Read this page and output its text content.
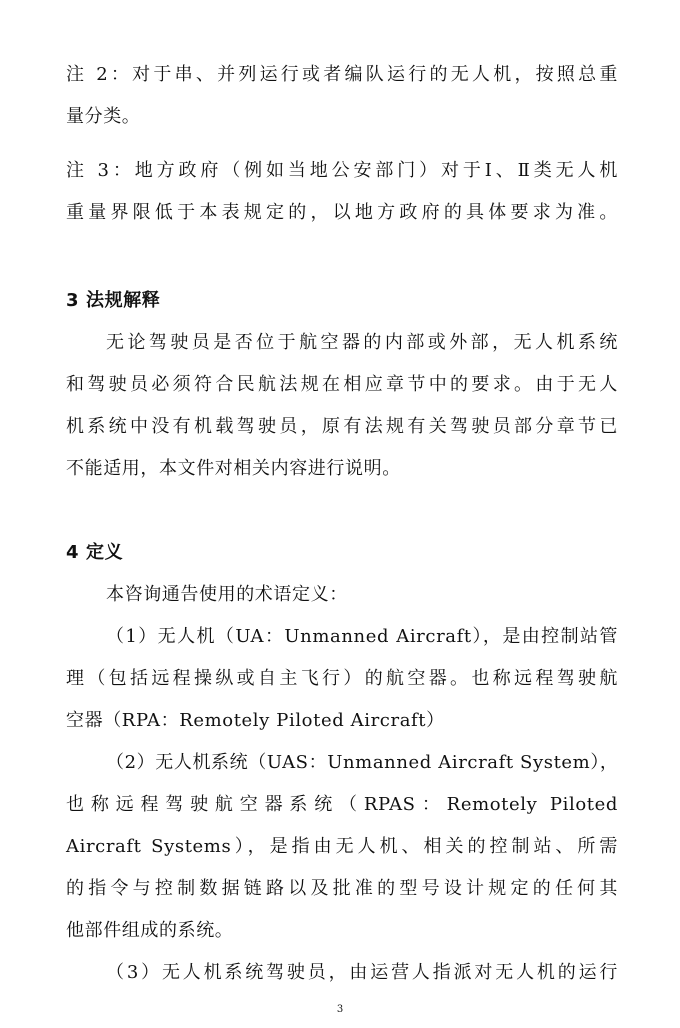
注 2：对于串、并列运行或者编队运行的无人机，按照总重
量分类。
注 3：地方政府（例如当地公安部门）对于Ⅰ、Ⅱ类无人机
重量界限低于本表规定的，以地方政府的具体要求为准。
3 法规解释
无论驾驶员是否位于航空器的内部或外部，无人机系统
和驾驶员必须符合民航法规在相应章节中的要求。由于无人
机系统中没有机载驾驶员，原有法规有关驾驶员部分章节已
不能适用，本文件对相关内容进行说明。
4 定义
本咨询通告使用的术语定义：
（1）无人机（UA：Unmanned Aircraft），是由控制站管
理（包括远程操纵或自主飞行）的航空器。也称远程驾驶航
空器（RPA：Remotely Piloted Aircraft）
（2）无人机系统（UAS：Unmanned Aircraft System），
也称远程驾驶航空器系统（RPAS：Remotely Piloted
Aircraft Systems），是指由无人机、相关的控制站、所需
的指令与控制数据链路以及批准的型号设计规定的任何其
他部件组成的系统。
（3）无人机系统驾驶员，由运营人指派对无人机的运行
3
